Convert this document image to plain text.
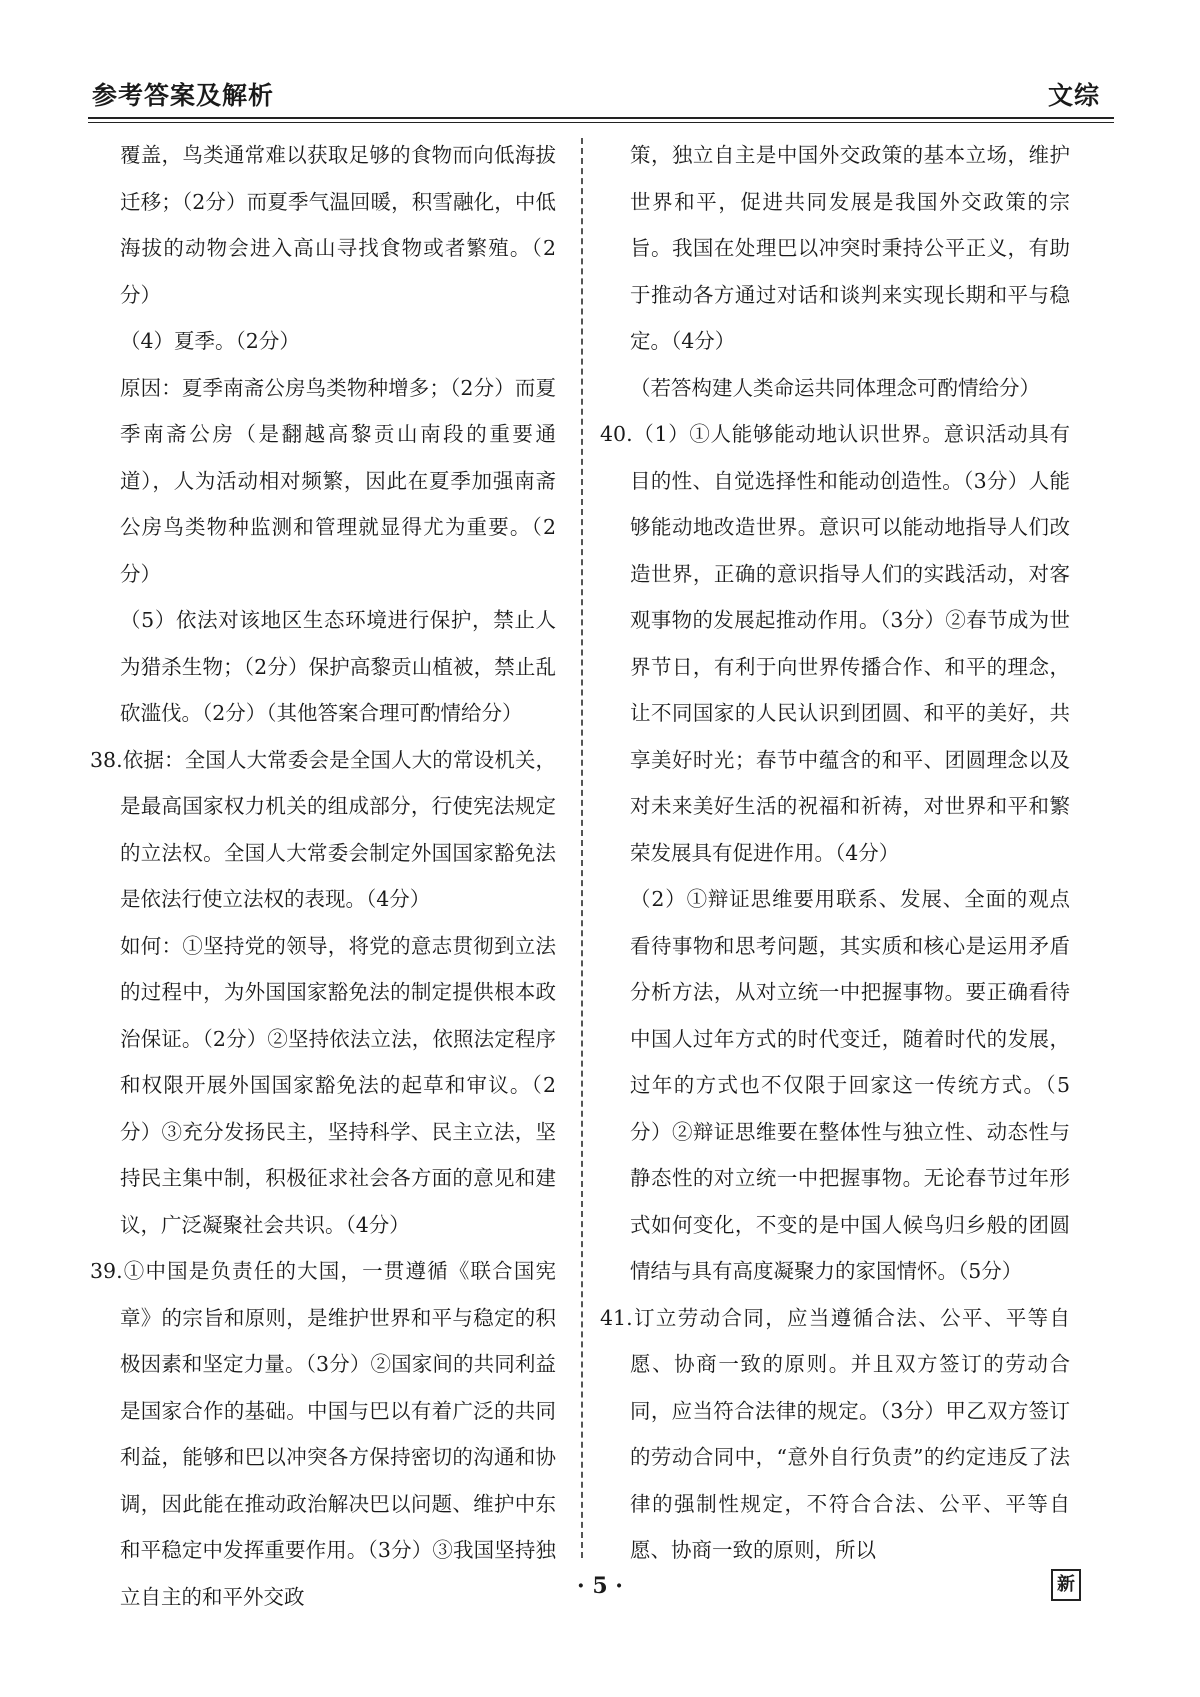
参考答案及解析	文综
覆盖，鸟类通常难以获取足够的食物而向低海拔迁移；（2分）而夏季气温回暖，积雪融化，中低海拔的动物会进入高山寻找食物或者繁殖。（2分）
（4）夏季。（2分）
原因：夏季南斋公房鸟类物种增多；（2分）而夏季南斋公房（是翻越高黎贡山南段的重要通道），人为活动相对频繁，因此在夏季加强南斋公房鸟类物种监测和管理就显得尤为重要。（2分）
（5）依法对该地区生态环境进行保护，禁止人为猎杀生物；（2分）保护高黎贡山植被，禁止乱砍滥伐。（2分）（其他答案合理可酌情给分）
38.依据：全国人大常委会是全国人大的常设机关，是最高国家权力机关的组成部分，行使宪法规定的立法权。全国人大常委会制定外国国家豁免法是依法行使立法权的表现。（4分）
如何：①坚持党的领导，将党的意志贯彻到立法的过程中，为外国国家豁免法的制定提供根本政治保证。（2分）②坚持依法立法，依照法定程序和权限开展外国国家豁免法的起草和审议。（2分）③充分发扬民主，坚持科学、民主立法，坚持民主集中制，积极征求社会各方面的意见和建议，广泛凝聚社会共识。（4分）
39.①中国是负责任的大国，一贯遵循《联合国宪章》的宗旨和原则，是维护世界和平与稳定的积极因素和坚定力量。（3分）②国家间的共同利益是国家合作的基础。中国与巴以有着广泛的共同利益，能够和巴以冲突各方保持密切的沟通和协调，因此能在推动政治解决巴以问题、维护中东和平稳定中发挥重要作用。（3分）③我国坚持独立自主的和平外交政
策，独立自主是中国外交政策的基本立场，维护世界和平，促进共同发展是我国外交政策的宗旨。我国在处理巴以冲突时秉持公平正义，有助于推动各方通过对话和谈判来实现长期和平与稳定。（4分）
（若答构建人类命运共同体理念可酌情给分）
40.（1）①人能够能动地认识世界。意识活动具有目的性、自觉选择性和能动创造性。（3分）人能够能动地改造世界。意识可以能动地指导人们改造世界，正确的意识指导人们的实践活动，对客观事物的发展起推动作用。（3分）②春节成为世界节日，有利于向世界传播合作、和平的理念，让不同国家的人民认识到团圆、和平的美好，共享美好时光；春节中蕴含的和平、团圆理念以及对未来美好生活的祝福和祈祷，对世界和平和繁荣发展具有促进作用。（4分）
（2）①辩证思维要用联系、发展、全面的观点看待事物和思考问题，其实质和核心是运用矛盾分析方法，从对立统一中把握事物。要正确看待中国人过年方式的时代变迁，随着时代的发展，过年的方式也不仅限于回家这一传统方式。（5分）②辩证思维要在整体性与独立性、动态性与静态性的对立统一中把握事物。无论春节过年形式如何变化，不变的是中国人候鸟归乡般的团圆情结与具有高度凝聚力的家国情怀。（5分）
41.订立劳动合同，应当遵循合法、公平、平等自愿、协商一致的原则。并且双方签订的劳动合同，应当符合法律的规定。（3分）甲乙双方签订的劳动合同中，“意外自行负责”的约定违反了法律的强制性规定，不符合合法、公平、平等自愿、协商一致的原则，所以
· 5 ·	新
